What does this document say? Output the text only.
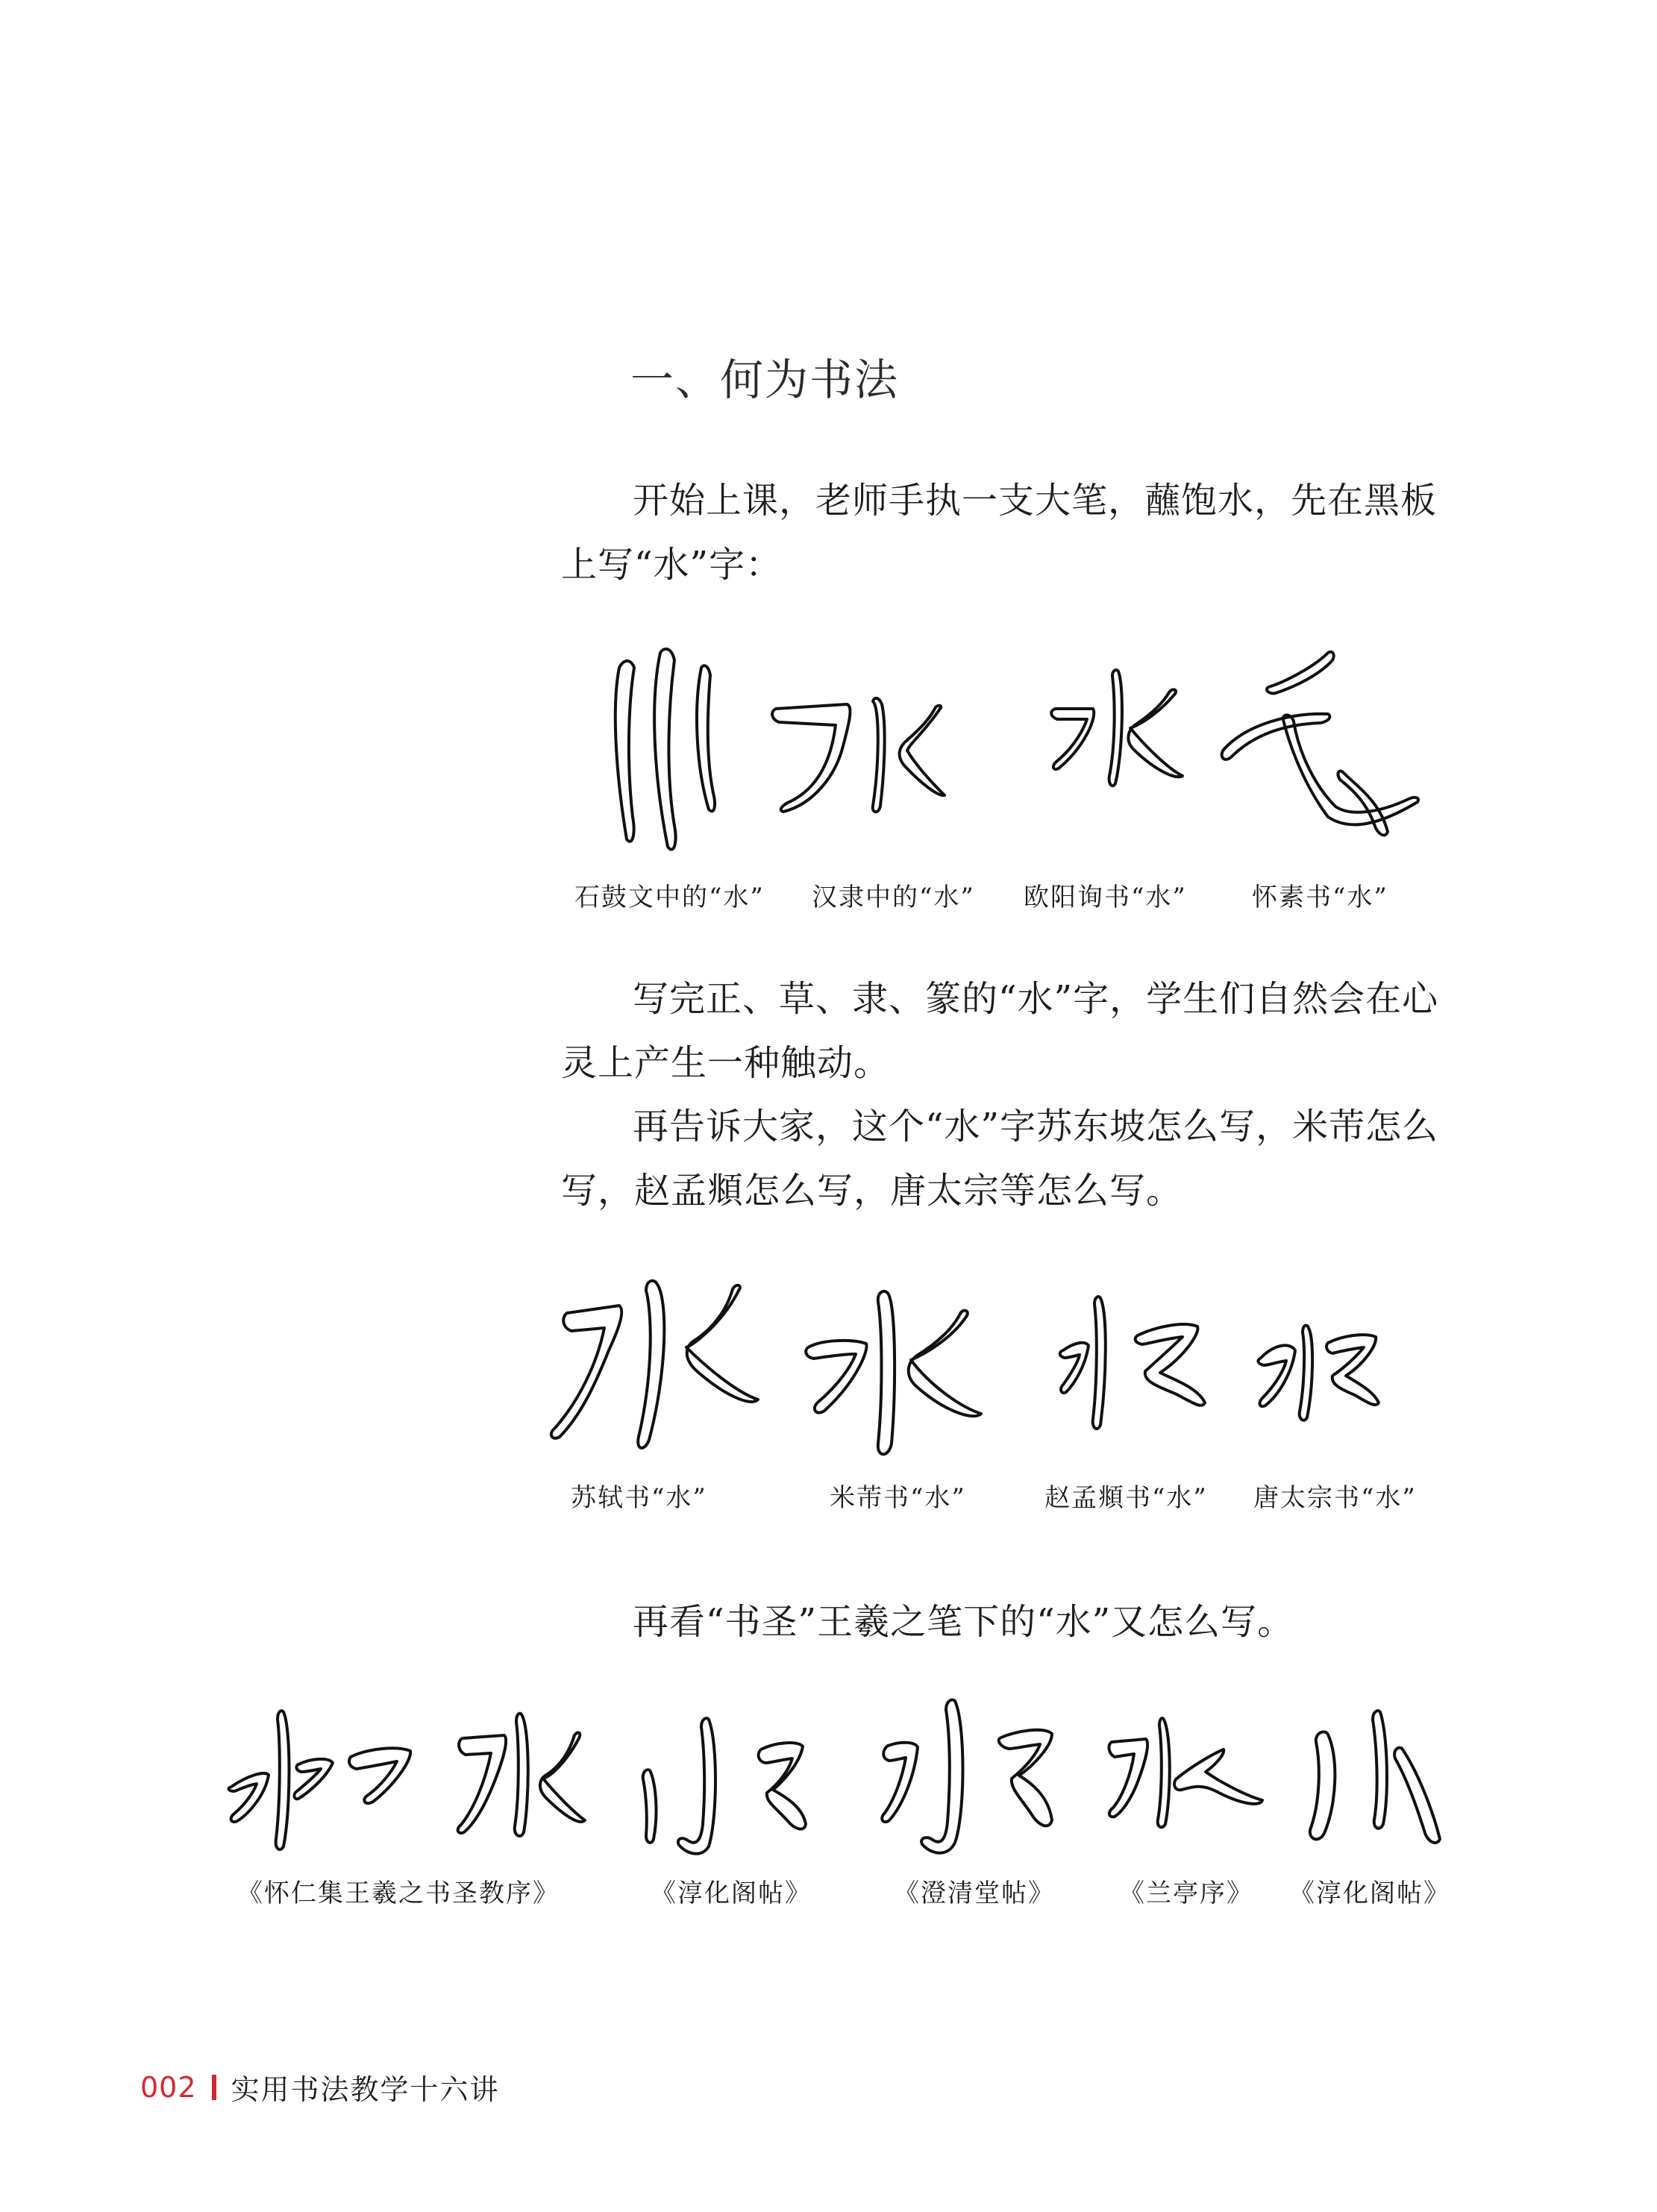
一、何为书法

开始上课，老师手执一支大笔，蘸饱水，先在黑板上写“水”字：

石鼓文中的“水” 汉隶中的“水” 欧阳询书“水”	怀素书“水”

写完正、草、隶、篆的“水”字，学生们自然会在心灵上产生一种触动。

再告诉大家，这个“水”字苏东坡怎么写，米芾怎么写，赵孟頫怎么写，唐太宗等怎么写。

苏轼书“水”	米芾书“水”	赵孟頫书“水” 唐太宗书“水”

再看“书圣”王羲之笔下的“水”又怎么写。

《怀仁集王羲之书圣教序》	《淳化阁帖》	《澄清堂帖》	《兰亭序》 《淳化阁帖》
002 实用书法教学十六讲
